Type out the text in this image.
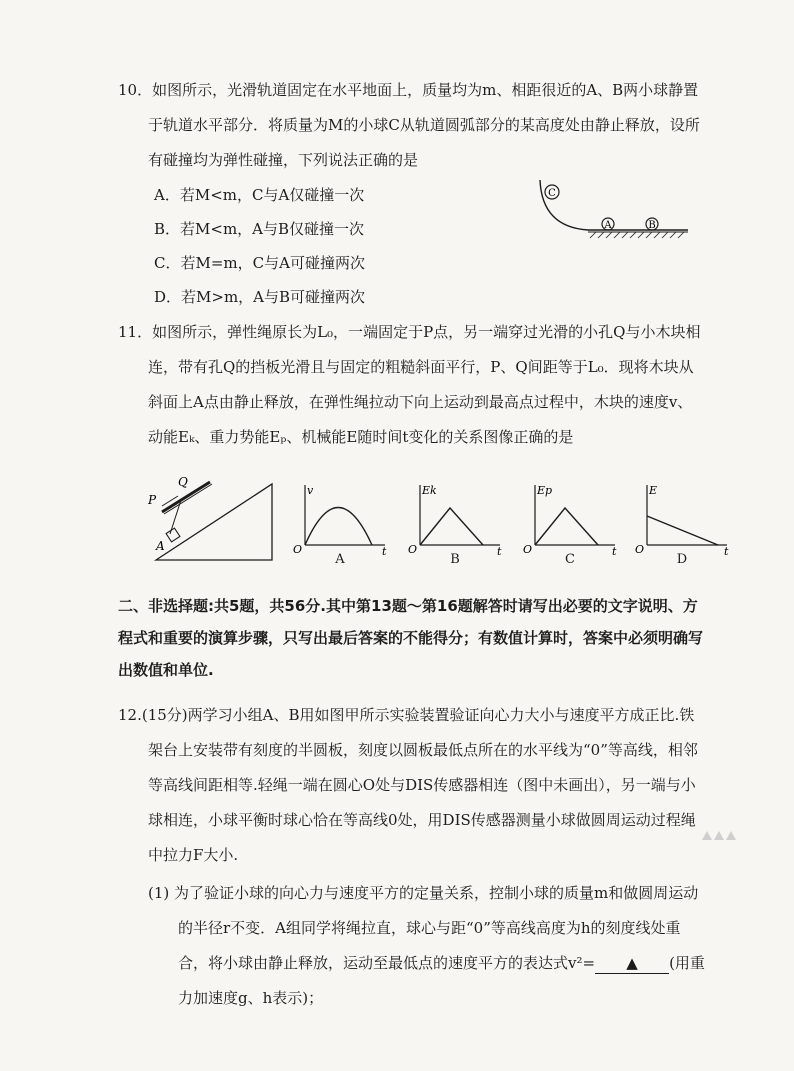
10．如图所示，光滑轨道固定在水平地面上，质量均为m、相距很近的A、B两小球静置
于轨道水平部分．将质量为M的小球C从轨道圆弧部分的某高度处由静止释放，设所
有碰撞均为弹性碰撞，下列说法正确的是
A．若M<m，C与A仅碰撞一次
B．若M<m，A与B仅碰撞一次
C．若M=m，C与A可碰撞两次
D．若M>m，A与B可碰撞两次
C
A	B
11．如图所示，弹性绳原长为L₀，一端固定于P点，另一端穿过光滑的小孔Q与小木块相
连，带有孔Q的挡板光滑且与固定的粗糙斜面平行，P、Q间距等于L₀．现将木块从
斜面上A点由静止释放，在弹性绳拉动下向上运动到最高点过程中，木块的速度v、
动能Eₖ、重力势能Eₚ、机械能E随时间t变化的关系图像正确的是
P
Q
A
v
O	t
A
Ek
O	t
B
Ep
O	t
C
E
O	t
D
二、非选择题:共5题，共56分.其中第13题～第16题解答时请写出必要的文字说明、方
程式和重要的演算步骤，只写出最后答案的不能得分；有数值计算时，答案中必须明确写
出数值和单位.
12.(15分)两学习小组A、B用如图甲所示实验装置验证向心力大小与速度平方成正比.铁
架台上安装带有刻度的半圆板，刻度以圆板最低点所在的水平线为“0”等高线，相邻
等高线间距相等.轻绳一端在圆心O处与DIS传感器相连（图中未画出），另一端与小
球相连，小球平衡时球心恰在等高线0处，用DIS传感器测量小球做圆周运动过程绳
中拉力F大小.
(1) 为了验证小球的向心力与速度平方的定量关系，控制小球的质量m和做圆周运动
的半径r不变．A组同学将绳拉直，球心与距“0”等高线高度为h的刻度线处重
合，将小球由静止释放，运动至最低点的速度平方的表达式v²= ▲ (用重
力加速度g、h表示)；
